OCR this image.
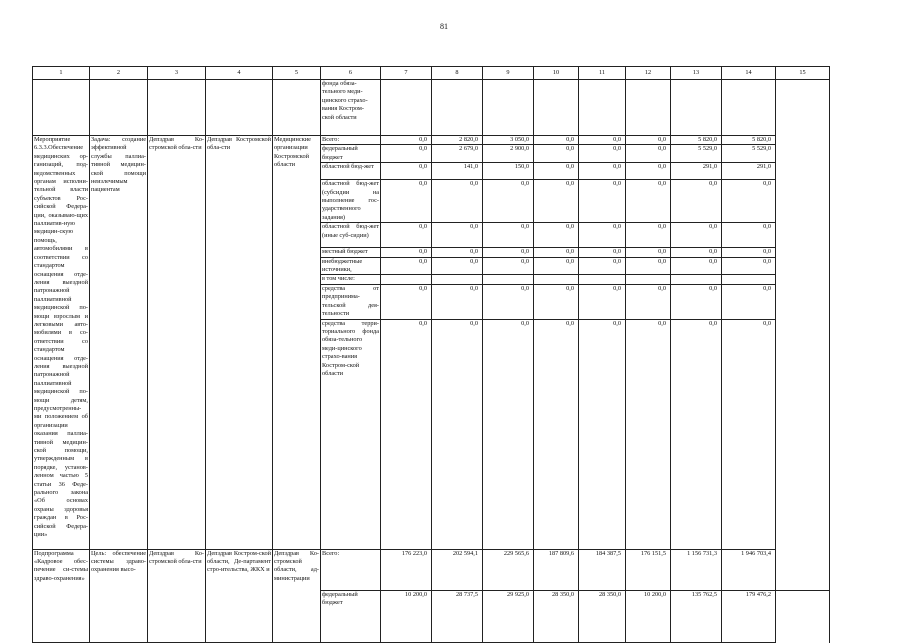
81
1	2	3	4	5	6	7	8	9	10	11	12	13	14	15	
					фонда обяза-
тельного меди-
цинского страхо-
вания Костром-
ской области										
Мероприятие 6.3.3.Обеспечение медицинских ор-ганизаций, под-ведомственных органам исполни-тельной власти субъектов Рос-сийской Федера-ции, оказываю-щих паллиатив-ную медицин-скую помощь, автомобилями в соответствии со стандартом оснащения отде-ления выездной патронажной паллиативной медицинской по-мощи взрослым и легковыми авто-мобилями в со-ответствии со стандартом оснащения отде-ления выездной патронажной паллиативной медицинской по-мощи детям, предусмотренны-ми положением об организации оказания паллиа-тивной медицин-ской помощи, утвержденным в порядке, установ-ленном частью 5 статьи 36 Феде-рального закона «Об основах охраны здоровья граждан в Рос-сийской Федера-ции»	Задача: создание эффективной службы паллиа-тивной медицин-ской помощи неизлечимым пациентам	Депздрав Ко-стромской обла-сти	Депздрав Костромской обла-сти	Медицинские организации Костромской области	Всего:	0,0	2 820,0	3 050,0	0,0	0,0	0,0	5 820,0	5 820,0		
					федеральный бюджет	0,0	2 679,0	2 900,0	0,0	0,0	0,0	5 529,0	5 529,0		
					областной бюд-жет	0,0	141,0	150,0	0,0	0,0	0,0	291,0	291,0		
					областной бюд-жет (субсидии на выполнение гос-ударственного задания)	0,0	0,0	0,0	0,0	0,0	0,0	0,0	0,0		
					областной бюд-жет (иные суб-сидии)	0,0	0,0	0,0	0,0	0,0	0,0	0,0	0,0		
					местный бюджет	0,0	0,0	0,0	0,0	0,0	0,0	0,0	0,0		
					внебюджетные источники,	0,0	0,0	0,0	0,0	0,0	0,0	0,0	0,0		
					в том числе:										
					средства от предпринима-тельской дея-тельности	0,0	0,0	0,0	0,0	0,0	0,0	0,0	0,0		
					средства терри-ториального фонда обяза-тельного меди-цинского страхо-вания Костром-ской области	0,0	0,0	0,0	0,0	0,0	0,0	0,0	0,0		
Подпрограмма «Кадровое обес-печение си-стемы здраво-охранения»	Цель: обеспечение системы здраво-охранения высо-	Депздрав Ко-стромской обла-сти	Депздрав Костром-ской области, Де-партамент стро-ительства, ЖКХ и	Депздрав Ко-стромской области, ад-министрации	Всего:	176 223,0	202 594,1	229 565,6	187 809,6	184 387,5	176 151,5	1 156 731,3	1 946 703,4	
					федеральный бюджет	10 200,0	28 737,5	29 925,0	28 350,0	28 350,0	10 200,0	135 762,5	179 476,2		
